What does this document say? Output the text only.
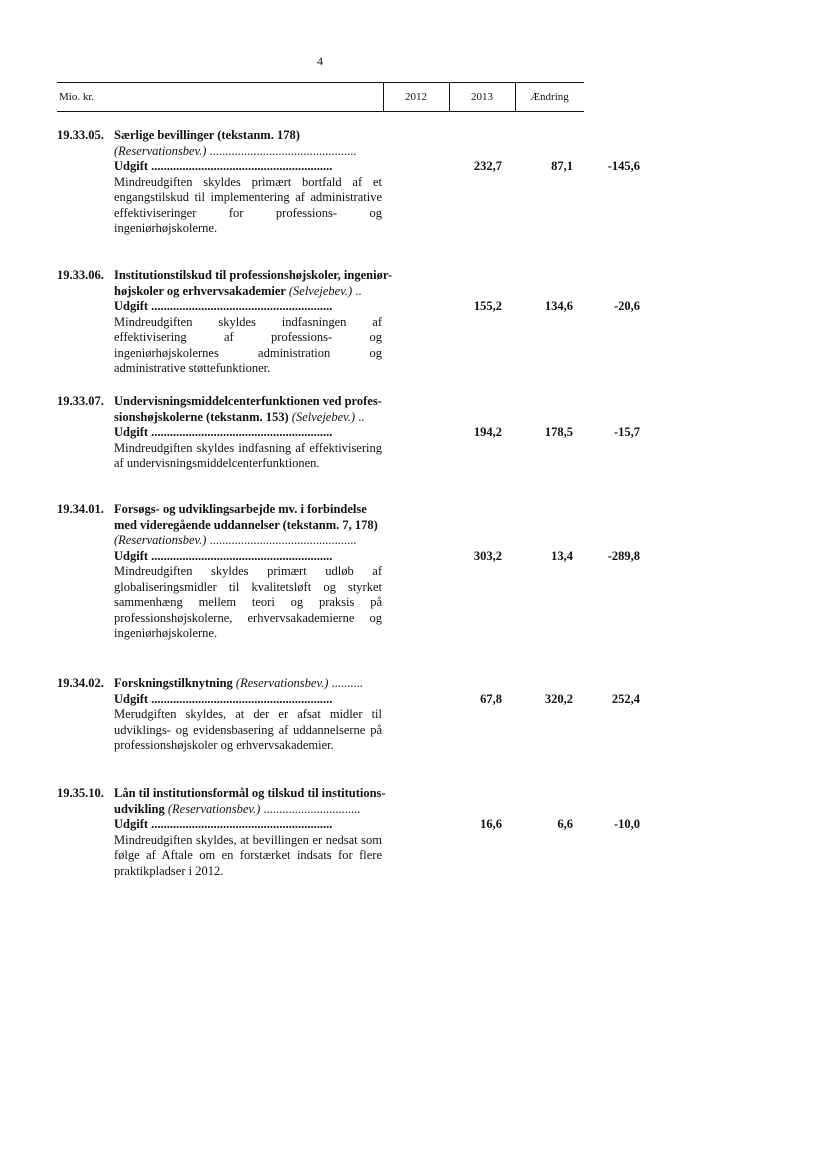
4
Mio. kr.	2012	2013	Ændring
19.33.05. Særlige bevillinger (tekstanm. 178)
(Reservationsbev.) ...............................................
Udgift ..........................................................	232,7	87,1	-145,6
Mindreudgiften skyldes primært bortfald af et engangstilskud til implementering af administrative effektiviseringer for professions- og ingeniørhøjskolerne.
19.33.06. Institutionstilskud til professionshøjskoler, ingeniør-
højskoler og erhvervsakademier (Selvejebev.) ..
Udgift ..........................................................	155,2	134,6	-20,6
Mindreudgiften skyldes indfasningen af effektivisering af professions- og ingeniørhøjskolernes administration og administrative støttefunktioner.
19.33.07. Undervisningsmiddelcenterfunktionen ved profes-
sionshøjskolerne (tekstanm. 153) (Selvejebev.) ..
Udgift ..........................................................	194,2	178,5	-15,7
Mindreudgiften skyldes indfasning af effektivisering af undervisningsmiddelcenterfunktionen.
19.34.01. Forsøgs- og udviklingsarbejde mv. i forbindelse
med videregående uddannelser (tekstanm. 7, 178)
(Reservationsbev.) ...............................................
Udgift ..........................................................	303,2	13,4	-289,8
Mindreudgiften skyldes primært udløb af globaliseringsmidler til kvalitetsløft og styrket sammenhæng mellem teori og praksis på professionshøjskolerne, erhvervsakademierne og ingeniørhøjskolerne.
19.34.02. Forskningstilknytning (Reservationsbev.) ..........
Udgift ..........................................................	67,8	320,2	252,4
Merudgiften skyldes, at der er afsat midler til udviklings- og evidensbasering af uddannelserne på professionshøjskoler og erhvervsakademier.
19.35.10. Lån til institutionsformål og tilskud til institutions-
udvikling (Reservationsbev.) ...............................
Udgift ..........................................................	16,6	6,6	-10,0
Mindreudgiften skyldes, at bevillingen er nedsat som følge af Aftale om en forstærket indsats for flere praktikpladser i 2012.
